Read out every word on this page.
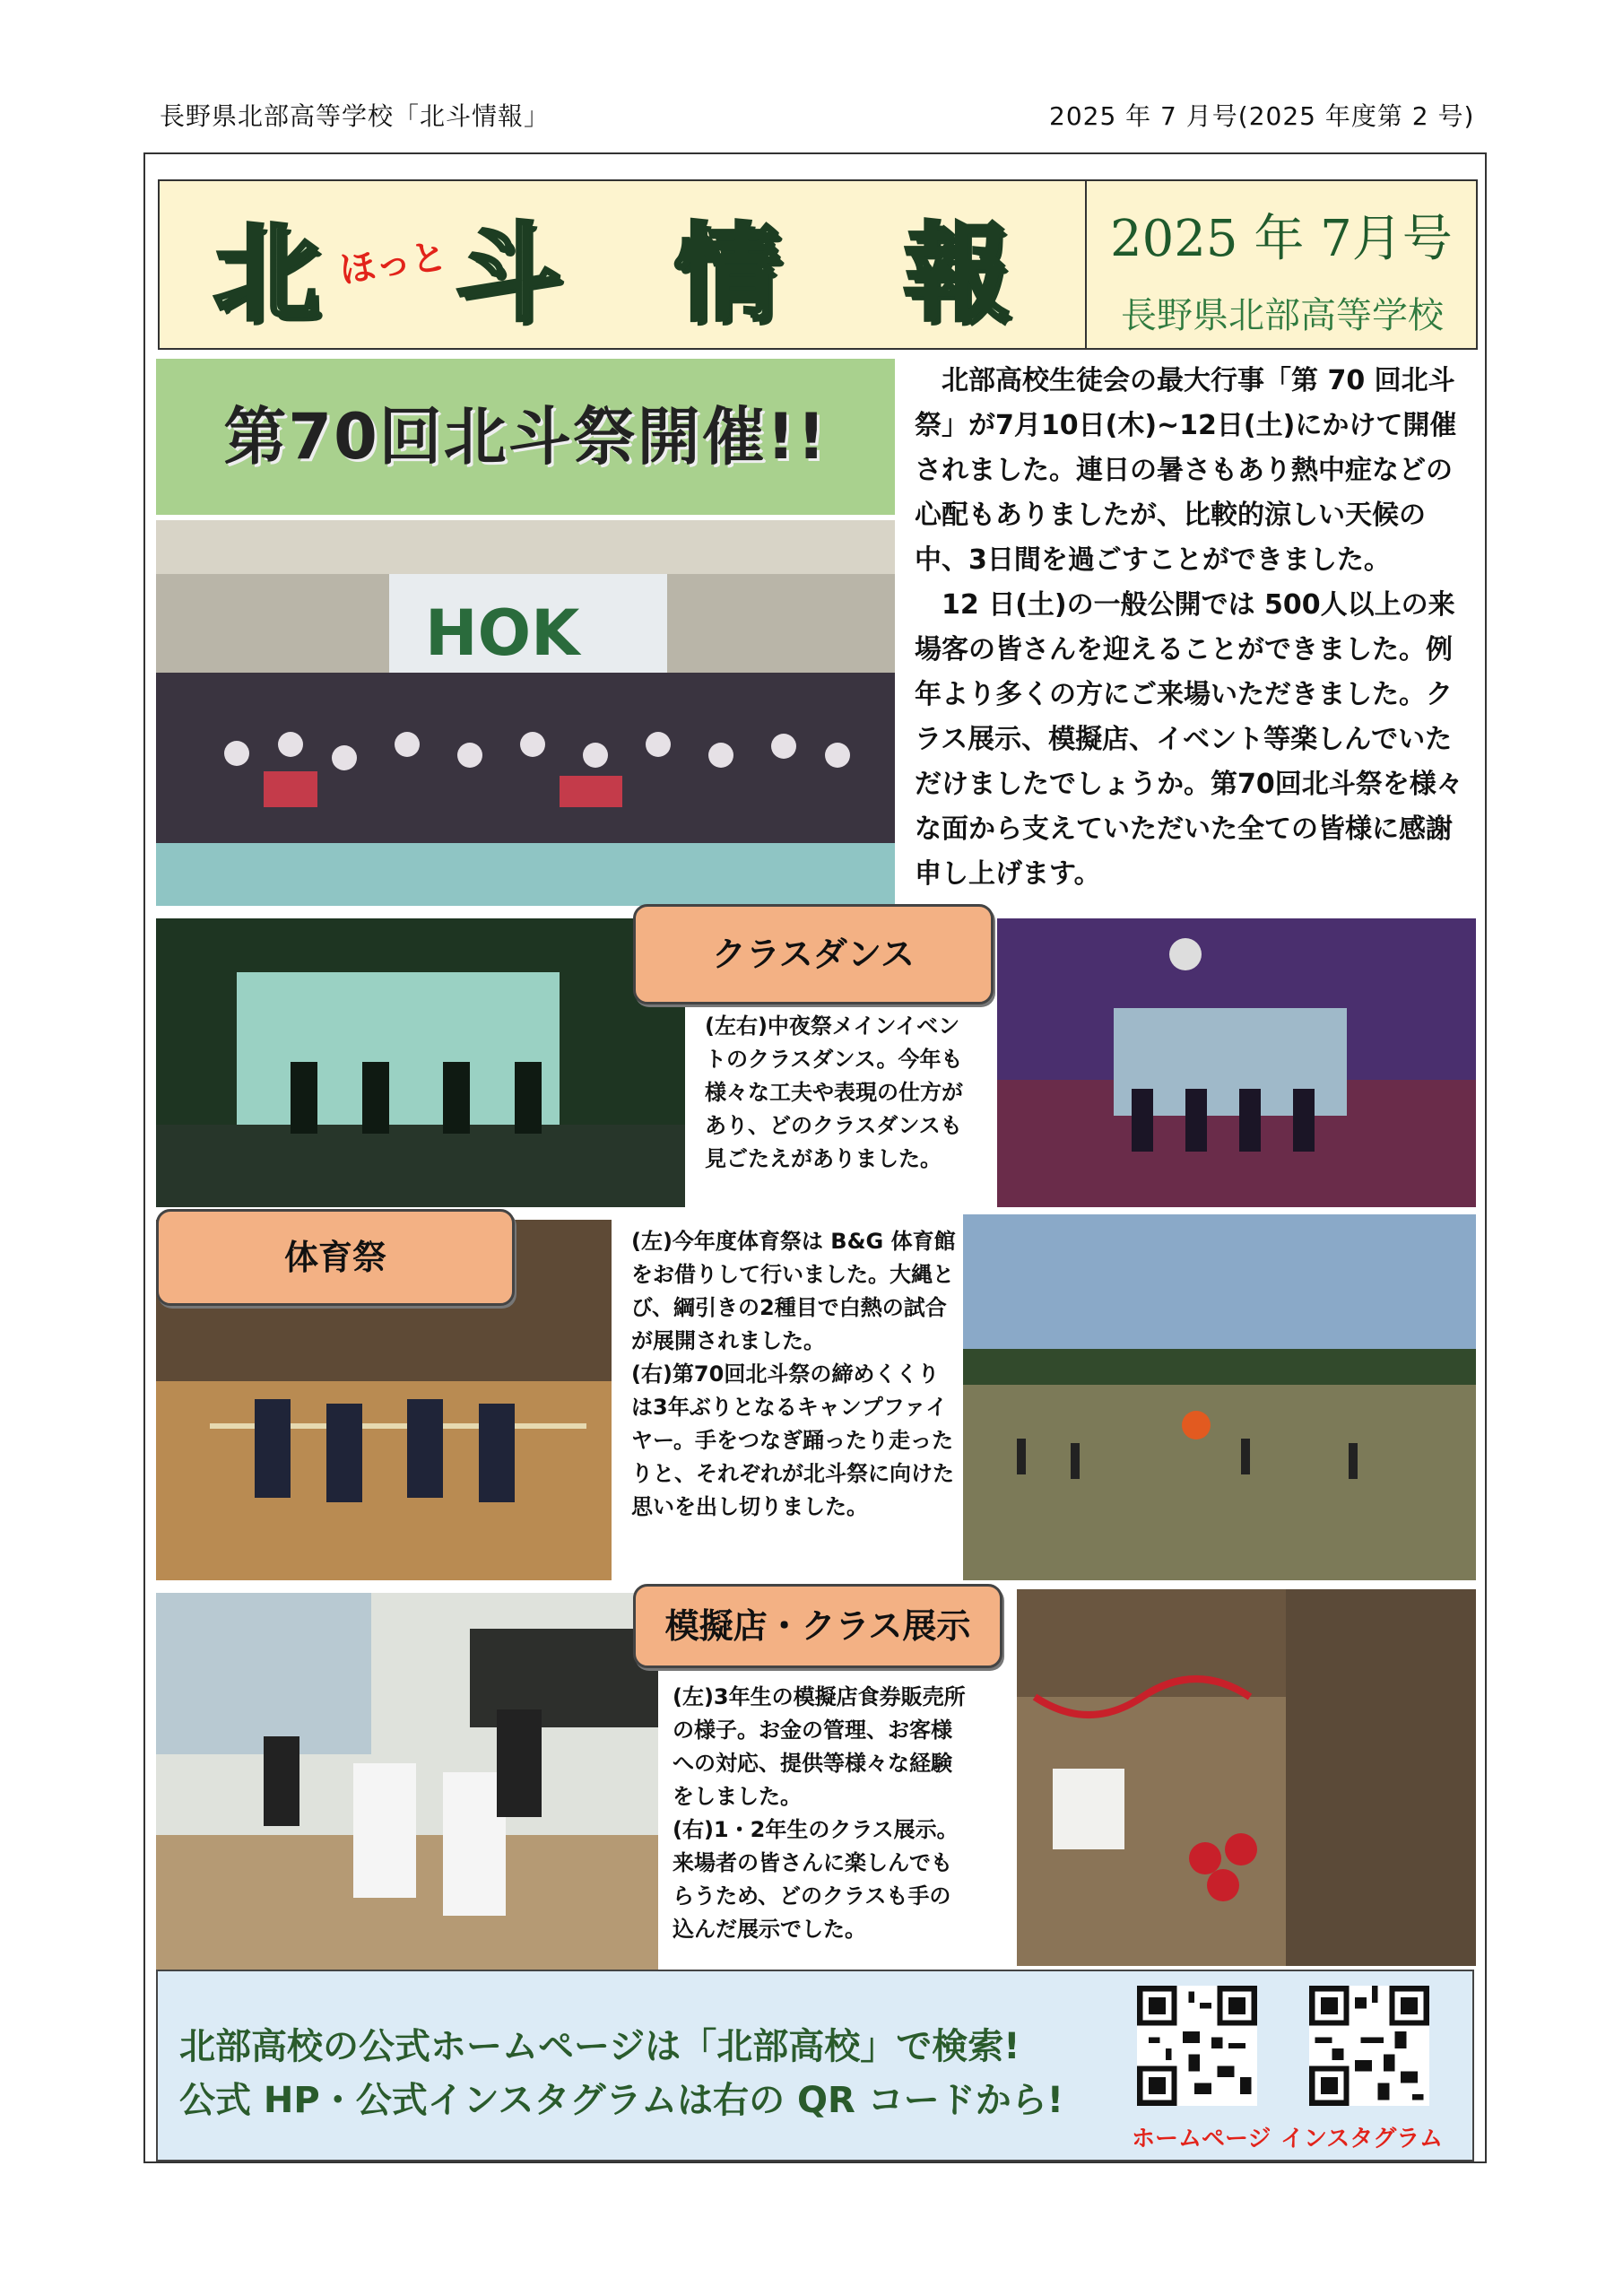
長野県北部高等学校「北斗情報」	2025 年 7 月号(2025 年度第 2 号)
北 ほっと 斗 情 報 2025 年 7月号
長野県北部高等学校
第70回北斗祭開催!!
HOK

北部高校生徒会の最大行事「第 70 回北斗祭」が7月10日(木)~12日(土)にかけて開催されました。連日の暑さもあり熱中症などの心配もありましたが、比較的涼しい天候の中、3日間を過ごすことができました。

12 日(土)の一般公開では 500人以上の来場客の皆さんを迎えることができました。例年より多くの方にご来場いただきました。クラス展示、模擬店、イベント等楽しんでいただけましたでしょうか。第70回北斗祭を様々な面から支えていただいた全ての皆様に感謝申し上げます。

クラスダンス

(左右)中夜祭メインイベントのクラスダンス。今年も様々な工夫や表現の仕方があり、どのクラスダンスも見ごたえがありました。

体育祭	(左)今年度体育祭は B&G 体育館をお借りして行いました。大縄とび、綱引きの2種目で白熱の試合が展開されました。

(右)第70回北斗祭の締めくくりは3年ぶりとなるキャンプファイヤー。手をつなぎ踊ったり走ったりと、それぞれが北斗祭に向けた思いを出し切りました。

模擬店・クラス展示

(左)3年生の模擬店食券販売所の様子。お金の管理、お客様への対応、提供等様々な経験をしました。

(右)1・2年生のクラス展示。来場者の皆さんに楽しんでもらうため、どのクラスも手の込んだ展示でした。

北部高校の公式ホームページは「北部高校」で検索!
公式 HP・公式インスタグラムは右の QR コードから!
ホームページ インスタグラム
